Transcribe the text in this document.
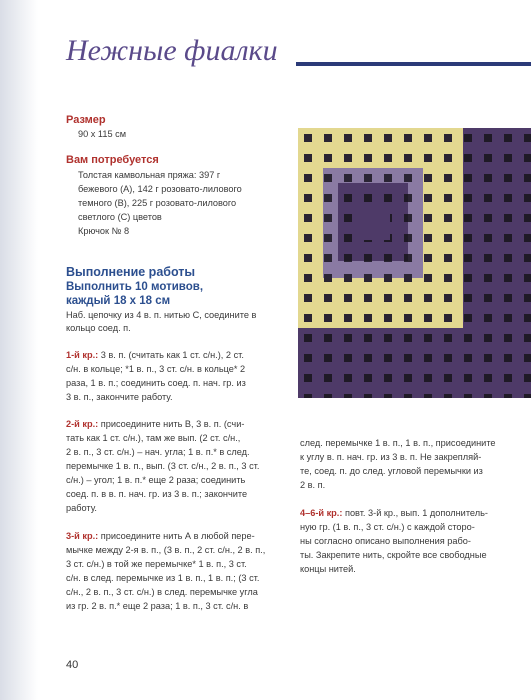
Нежные фиалки
Размер
90 х 115 см
Вам потребуется
Толстая камвольная пряжа: 397 г
бежевого (А), 142 г розовато-лилового
темного (В), 225 г розовато-лилового
светлого (С) цветов
Крючок № 8
Выполнение работы
Выполнить 10 мотивов,
каждый 18 х 18 см
Наб. цепочку из 4 в. п. нитью С, соедините в
кольцо соед. п.
1-й кр.: 3 в. п. (считать как 1 ст. с/н.), 2 ст.
с/н. в кольце; *1 в. п., 3 ст. с/н. в кольце* 2
раза, 1 в. п.; соединить соед. п. нач. гр. из
3 в. п., закончите работу.
2-й кр.: присоедините нить В, 3 в. п. (счи-
тать как 1 ст. с/н.), там же вып. (2 ст. с/н.,
2 в. п., 3 ст. с/н.) – нач. угла; 1 в. п.* в след.
перемычке 1 в. п., вып. (3 ст. с/н., 2 в. п., 3 ст.
с/н.) – угол; 1 в. п.* еще 2 раза; соединить
соед. п. в в. п. нач. гр. из 3 в. п.; закончите
работу.
3-й кр.: присоедините нить А в любой пере-
мычке между 2-я в. п., (3 в. п., 2 ст. с/н., 2 в. п.,
3 ст. с/н.) в той же перемычке* 1 в. п., 3 ст.
с/н. в след. перемычке из 1 в. п., 1 в. п.; (3 ст.
с/н., 2 в. п., 3 ст. с/н.) в след. перемычке угла
из гр. 2 в. п.* еще 2 раза; 1 в. п., 3 ст. с/н. в
след. перемычке 1 в. п., 1 в. п., присоедините
к углу в. п. нач. гр. из 3 в. п. Не закрепляй-
те, соед. п. до след. угловой перемычки из
2 в. п.
4–6-й кр.: повт. 3-й кр., вып. 1 дополнитель-
ную гр. (1 в. п., 3 ст. с/н.) с каждой сторо-
ны согласно описано выполнения рабо-
ты. Закрепите нить, скройте все свободные
концы нитей.
40
